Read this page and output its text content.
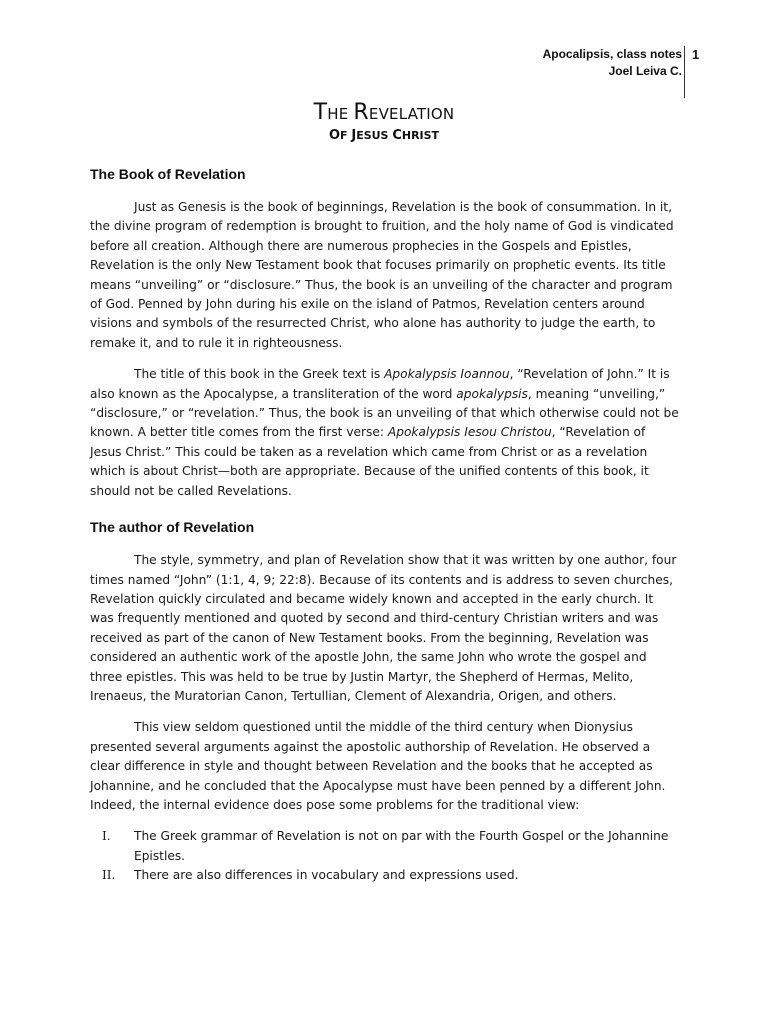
Apocalipsis, class notes
Joel Leiva C.
1
THE REVELATION
OF JESUS CHRIST
The Book of Revelation

Just as Genesis is the book of beginnings, Revelation is the book of consummation. In it, the divine program of redemption is brought to fruition, and the holy name of God is vindicated before all creation. Although there are numerous prophecies in the Gospels and Epistles, Revelation is the only New Testament book that focuses primarily on prophetic events. Its title means “unveiling” or “disclosure.” Thus, the book is an unveiling of the character and program of God. Penned by John during his exile on the island of Patmos, Revelation centers around visions and symbols of the resurrected Christ, who alone has authority to judge the earth, to remake it, and to rule it in righteousness.

The title of this book in the Greek text is Apokalypsis Ioannou, “Revelation of John.” It is also known as the Apocalypse, a transliteration of the word apokalypsis, meaning “unveiling,” “disclosure,” or “revelation.” Thus, the book is an unveiling of that which otherwise could not be known. A better title comes from the first verse: Apokalypsis Iesou Christou, “Revelation of Jesus Christ.” This could be taken as a revelation which came from Christ or as a revelation which is about Christ—both are appropriate. Because of the unified contents of this book, it should not be called Revelations.

The author of Revelation

The style, symmetry, and plan of Revelation show that it was written by one author, four times named “John” (1:1, 4, 9; 22:8). Because of its contents and is address to seven churches, Revelation quickly circulated and became widely known and accepted in the early church. It was frequently mentioned and quoted by second and third-century Christian writers and was received as part of the canon of New Testament books. From the beginning, Revelation was considered an authentic work of the apostle John, the same John who wrote the gospel and three epistles. This was held to be true by Justin Martyr, the Shepherd of Hermas, Melito, Irenaeus, the Muratorian Canon, Tertullian, Clement of Alexandria, Origen, and others.

This view seldom questioned until the middle of the third century when Dionysius presented several arguments against the apostolic authorship of Revelation. He observed a clear difference in style and thought between Revelation and the books that he accepted as Johannine, and he concluded that the Apocalypse must have been penned by a different John. Indeed, the internal evidence does pose some problems for the traditional view:

I. The Greek grammar of Revelation is not on par with the Fourth Gospel or the Johannine Epistles.
II. There are also differences in vocabulary and expressions used.
